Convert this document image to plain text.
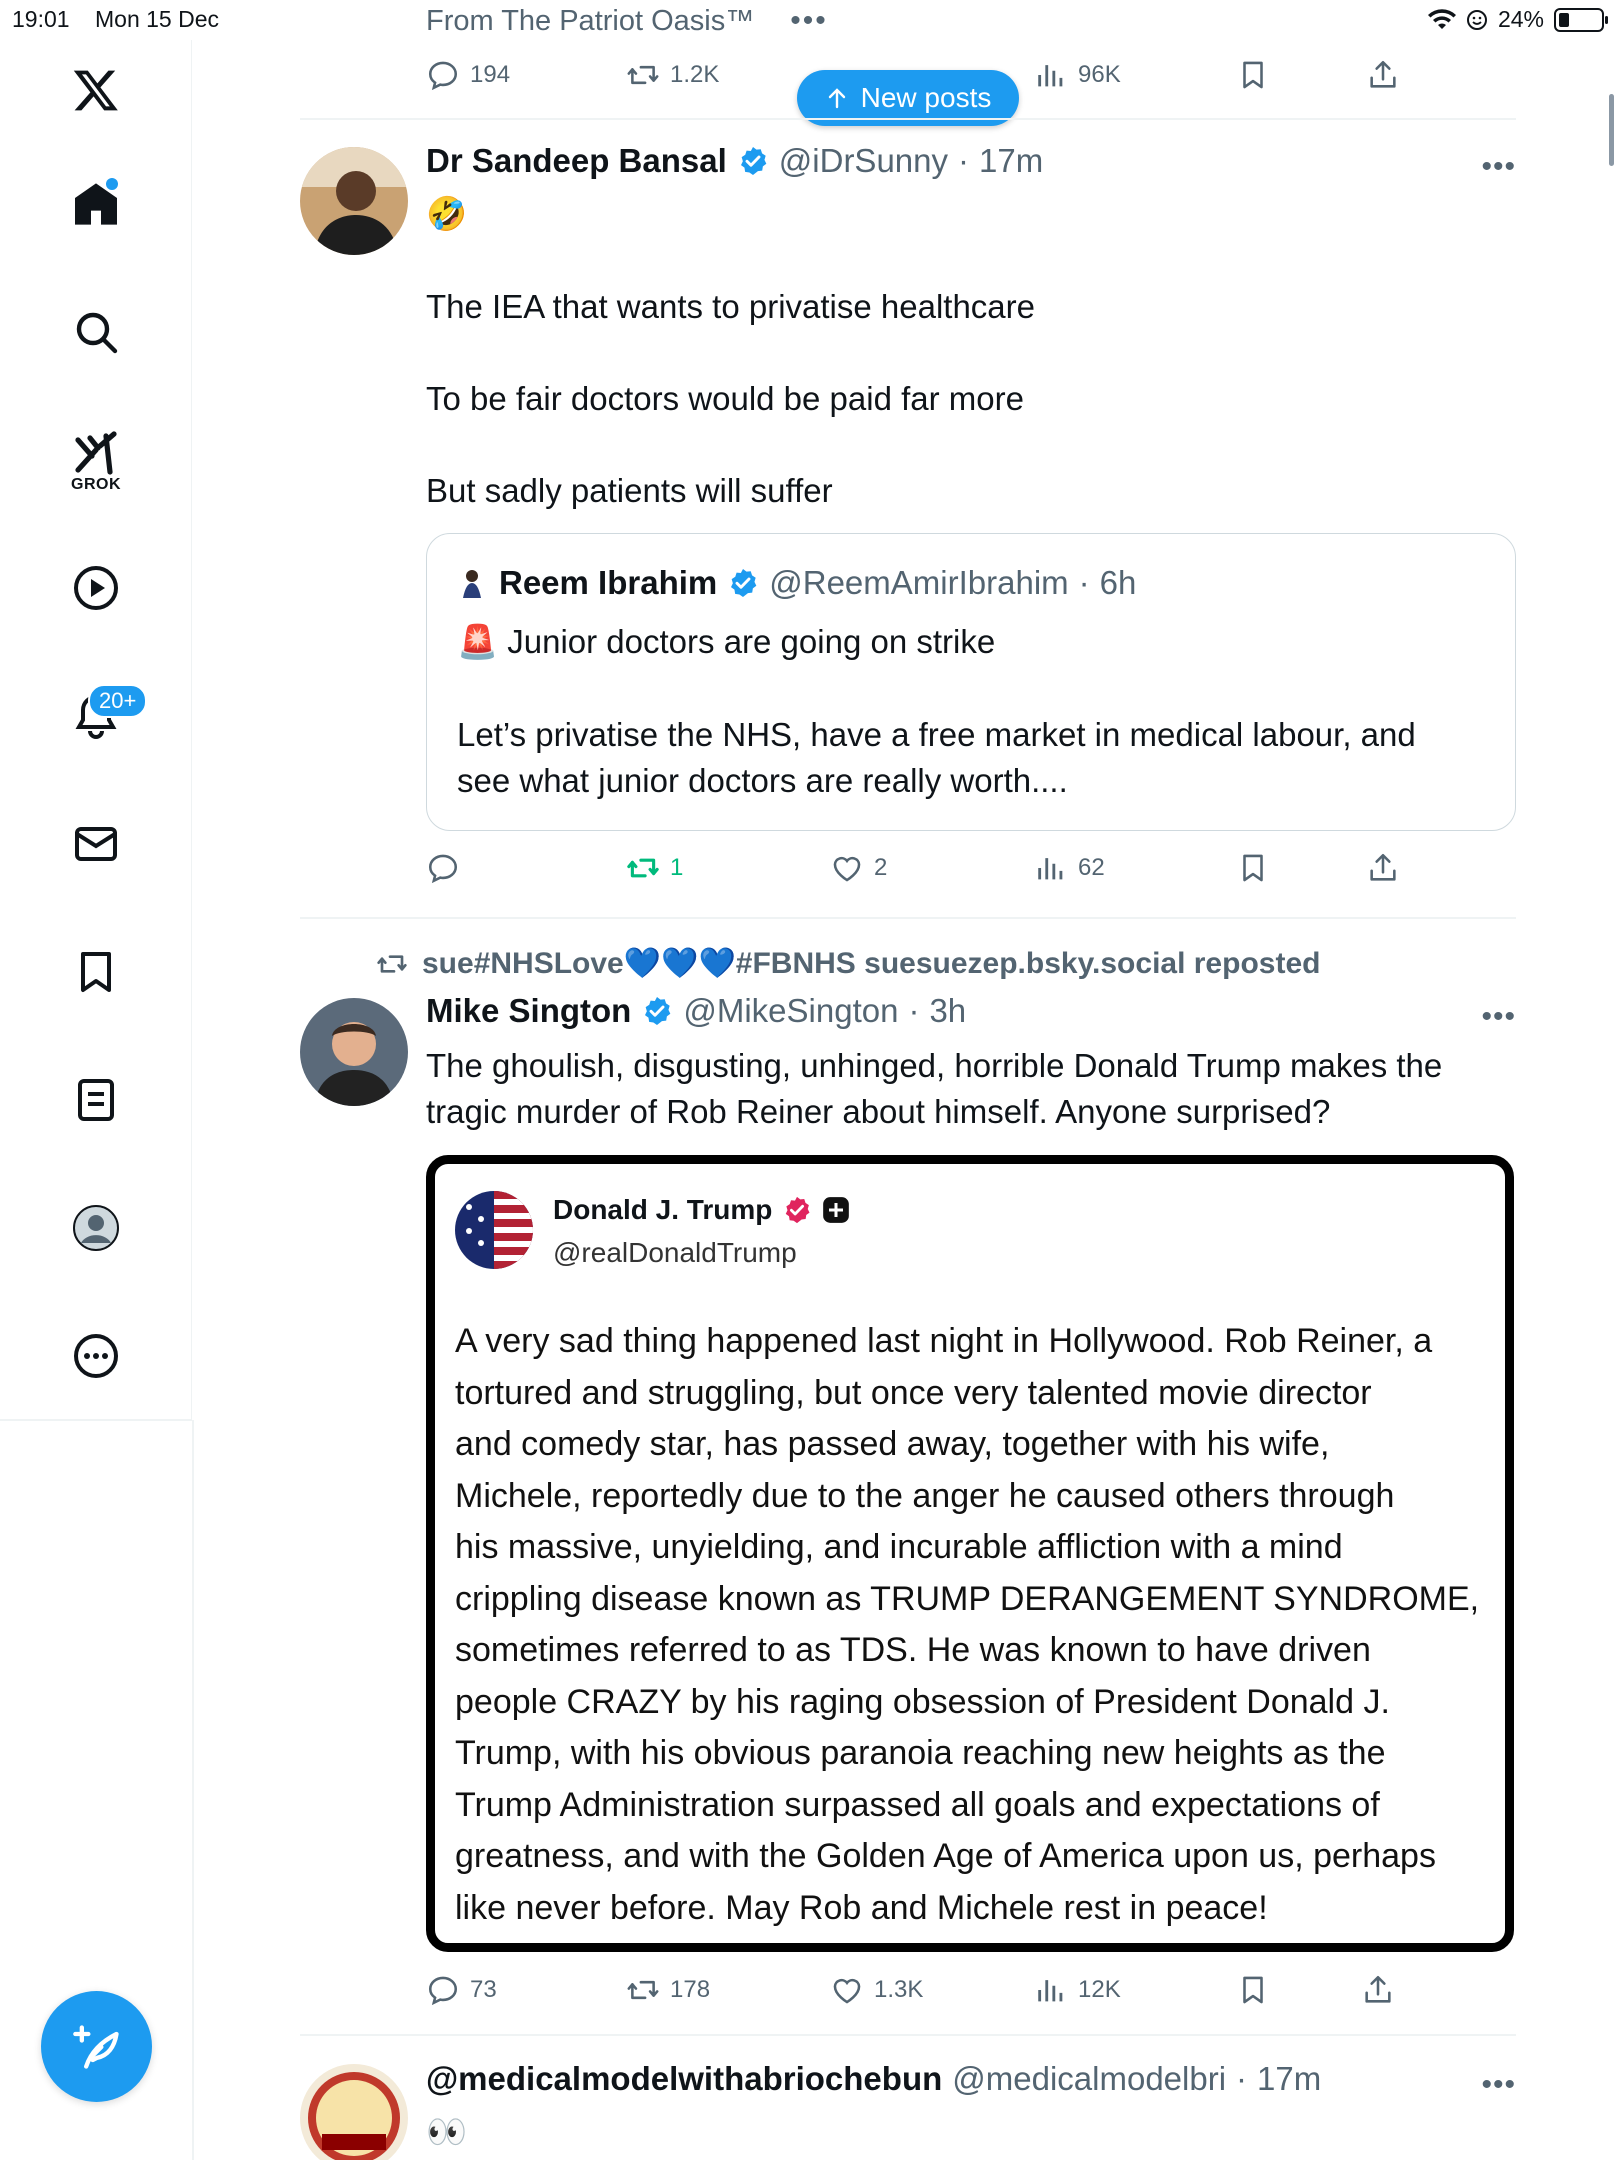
19:01 Mon 15 Dec	24%
GROK
20+
From The Patriot Oasis™ •••
194	1.2K	96K
New posts
Dr Sandeep Bansal @iDrSunny · 17m	•••
🤣
The IEA that wants to privatise healthcare
To be fair doctors would be paid far more
But sadly patients will suffer
Reem Ibrahim @ReemAmirIbrahim · 6h
🚨 Junior doctors are going on strike
Let’s privatise the NHS, have a free market in medical labour, and
see what junior doctors are really worth....
1	2	62
sue#NHSLove💙💙💙#FBNHS suesuezep.bsky.social reposted
Mike Sington @MikeSington · 3h	•••
The ghoulish, disgusting, unhinged, horrible Donald Trump makes the
tragic murder of Rob Reiner about himself. Anyone surprised?
Donald J. Trump
@realDonaldTrump
A very sad thing happened last night in Hollywood. Rob Reiner, a
tortured and struggling, but once very talented movie director
and comedy star, has passed away, together with his wife,
Michele, reportedly due to the anger he caused others through
his massive, unyielding, and incurable affliction with a mind
crippling disease known as TRUMP DERANGEMENT SYNDROME,
sometimes referred to as TDS. He was known to have driven
people CRAZY by his raging obsession of President Donald J.
Trump, with his obvious paranoia reaching new heights as the
Trump Administration surpassed all goals and expectations of
greatness, and with the Golden Age of America upon us, perhaps
like never before. May Rob and Michele rest in peace!
73	178	1.3K	12K
@medicalmodelwithabriochebun @medicalmodelbri · 17m	•••
👀
